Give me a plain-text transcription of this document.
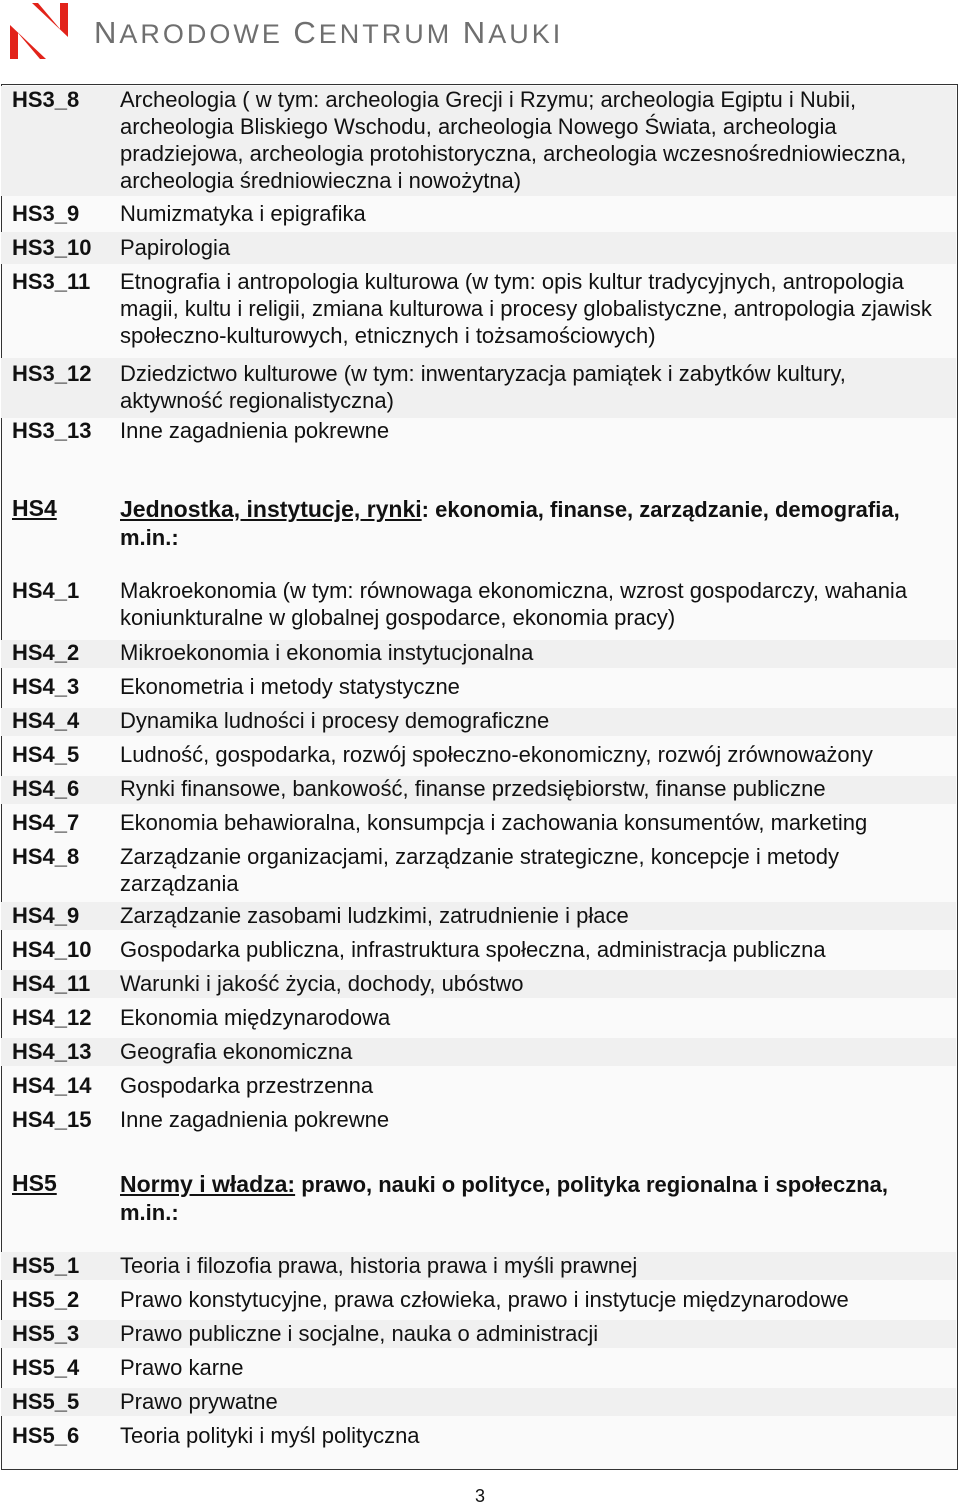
NARODOWE CENTRUM NAUKI
HS3_8 Archeologia ( w tym: archeologia Grecji i Rzymu; archeologia Egiptu i Nubii, archeologia Bliskiego Wschodu, archeologia Nowego Świata, archeologia pradziejowa, archeologia protohistoryczna, archeologia wczesnośredniowieczna, archeologia średniowieczna i nowożytna)
HS3_9 Numizmatyka i epigrafika
HS3_10 Papirologia
HS3_11 Etnografia i antropologia kulturowa (w tym: opis kultur tradycyjnych, antropologia magii, kultu i religii, zmiana kulturowa i procesy globalistyczne, antropologia zjawisk społeczno-kulturowych, etnicznych i tożsamościowych)
HS3_12 Dziedzictwo kulturowe (w tym: inwentaryzacja pamiątek i zabytków kultury, aktywność regionalistyczna)
HS3_13 Inne zagadnienia pokrewne
HS4	Jednostka, instytucje, rynki: ekonomia, finanse, zarządzanie, demografia, m.in.:
HS4_1 Makroekonomia (w tym: równowaga ekonomiczna, wzrost gospodarczy, wahania koniunkturalne w globalnej gospodarce, ekonomia pracy)
HS4_2 Mikroekonomia i ekonomia instytucjonalna
HS4_3 Ekonometria i metody statystyczne
HS4_4 Dynamika ludności i procesy demograficzne
HS4_5 Ludność, gospodarka, rozwój społeczno-ekonomiczny, rozwój zrównoważony
HS4_6 Rynki finansowe, bankowość, finanse przedsiębiorstw, finanse publiczne
HS4_7 Ekonomia behawioralna, konsumpcja i zachowania konsumentów, marketing
HS4_8 Zarządzanie organizacjami, zarządzanie strategiczne, koncepcje i metody zarządzania
HS4_9 Zarządzanie zasobami ludzkimi, zatrudnienie i płace
HS4_10 Gospodarka publiczna, infrastruktura społeczna, administracja publiczna
HS4_11 Warunki i jakość życia, dochody, ubóstwo
HS4_12 Ekonomia międzynarodowa
HS4_13 Geografia ekonomiczna
HS4_14 Gospodarka przestrzenna
HS4_15 Inne zagadnienia pokrewne
HS5	Normy i władza: prawo, nauki o polityce, polityka regionalna i społeczna, m.in.:
HS5_1 Teoria i filozofia prawa, historia prawa i myśli prawnej
HS5_2 Prawo konstytucyjne, prawa człowieka, prawo i instytucje międzynarodowe
HS5_3 Prawo publiczne i socjalne, nauka o administracji
HS5_4 Prawo karne
HS5_5 Prawo prywatne
HS5_6 Teoria polityki i myśl polityczna
3
